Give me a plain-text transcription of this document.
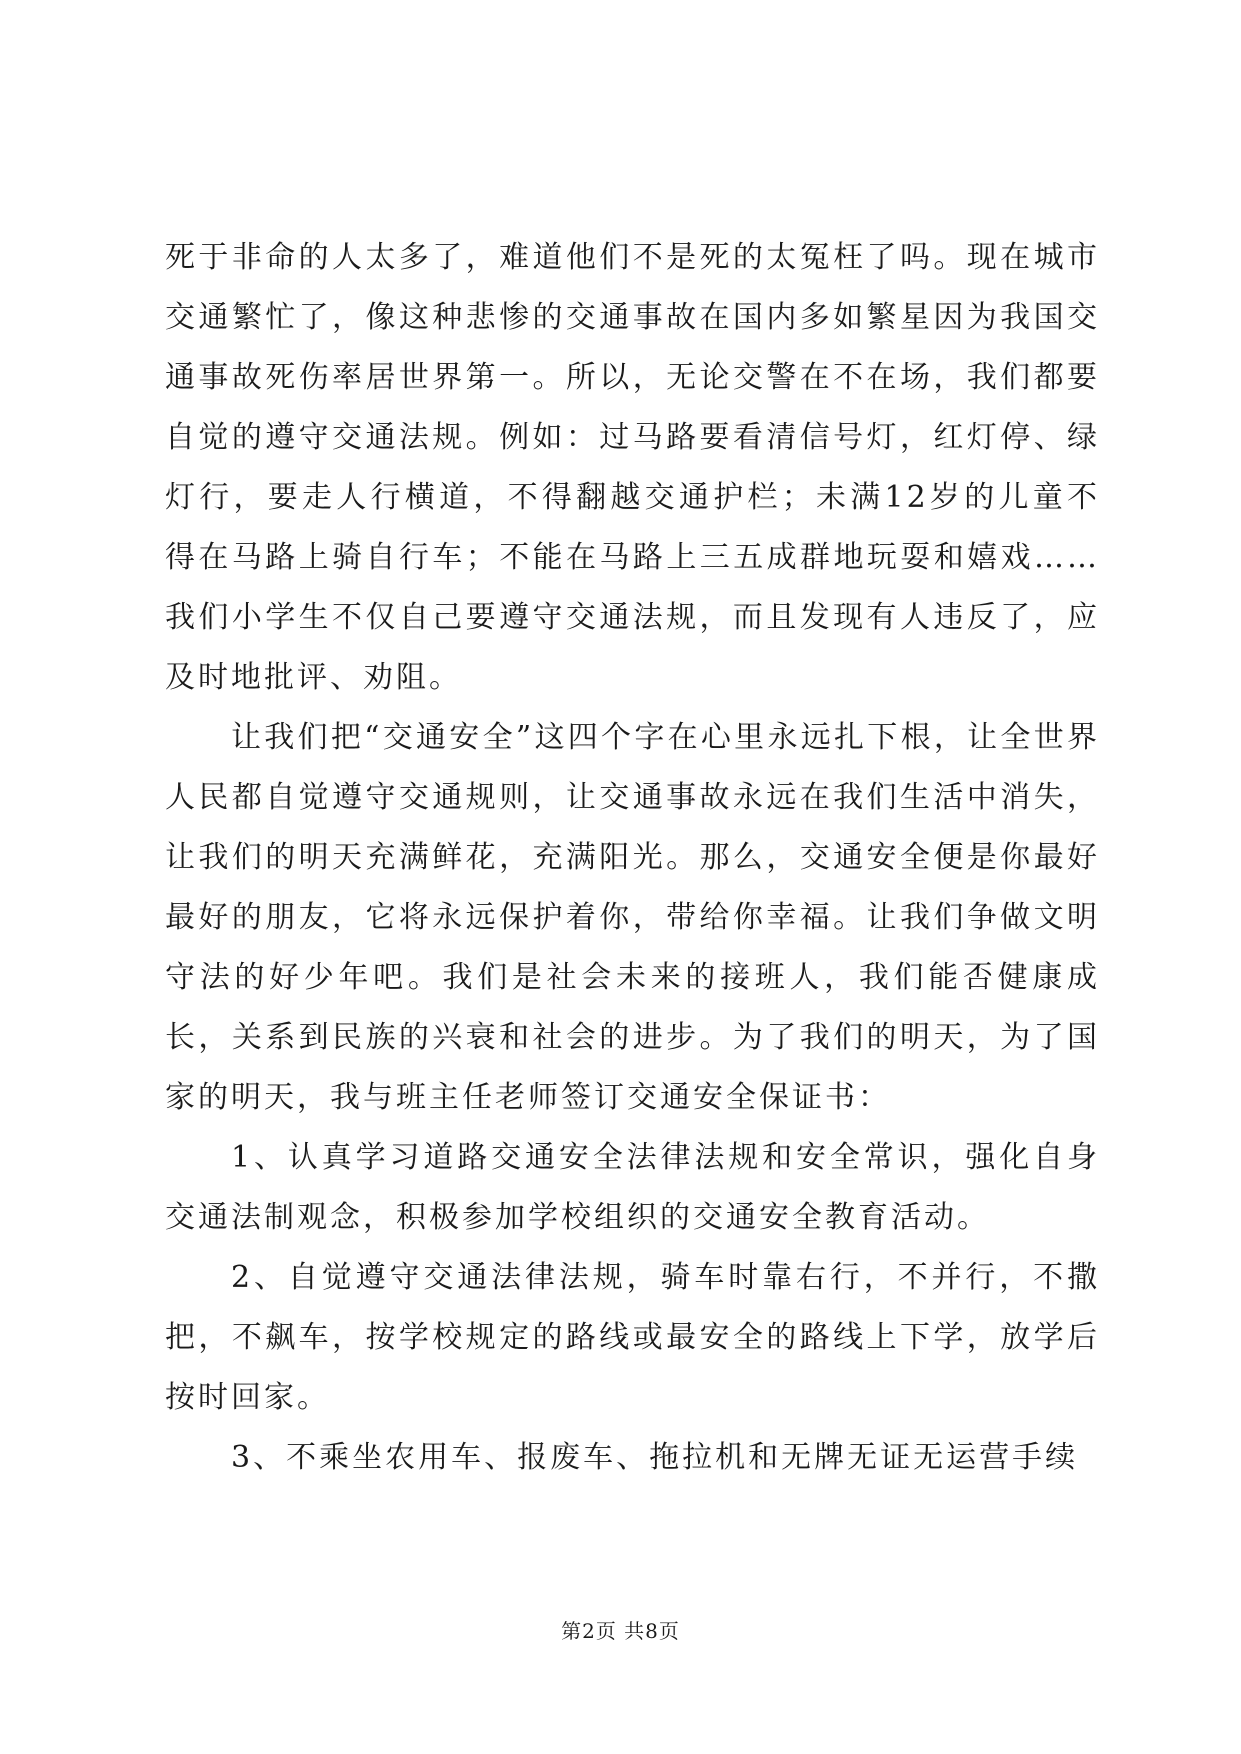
死于非命的人太多了，难道他们不是死的太冤枉了吗。现在城市交通繁忙了，像这种悲惨的交通事故在国内多如繁星因为我国交通事故死伤率居世界第一。所以，无论交警在不在场，我们都要自觉的遵守交通法规。例如：过马路要看清信号灯，红灯停、绿灯行，要走人行横道，不得翻越交通护栏；未满12岁的儿童不得在马路上骑自行车；不能在马路上三五成群地玩耍和嬉戏……我们小学生不仅自己要遵守交通法规，而且发现有人违反了，应及时地批评、劝阻。

让我们把“交通安全”这四个字在心里永远扎下根，让全世界人民都自觉遵守交通规则，让交通事故永远在我们生活中消失，让我们的明天充满鲜花，充满阳光。那么，交通安全便是你最好最好的朋友，它将永远保护着你，带给你幸福。让我们争做文明守法的好少年吧。我们是社会未来的接班人，我们能否健康成长，关系到民族的兴衰和社会的进步。为了我们的明天，为了国家的明天，我与班主任老师签订交通安全保证书：

1、认真学习道路交通安全法律法规和安全常识，强化自身交通法制观念，积极参加学校组织的交通安全教育活动。

2、自觉遵守交通法律法规，骑车时靠右行，不并行，不撒把，不飙车，按学校规定的路线或最安全的路线上下学，放学后按时回家。

3、不乘坐农用车、报废车、拖拉机和无牌无证无运营手续

第2页 共8页
